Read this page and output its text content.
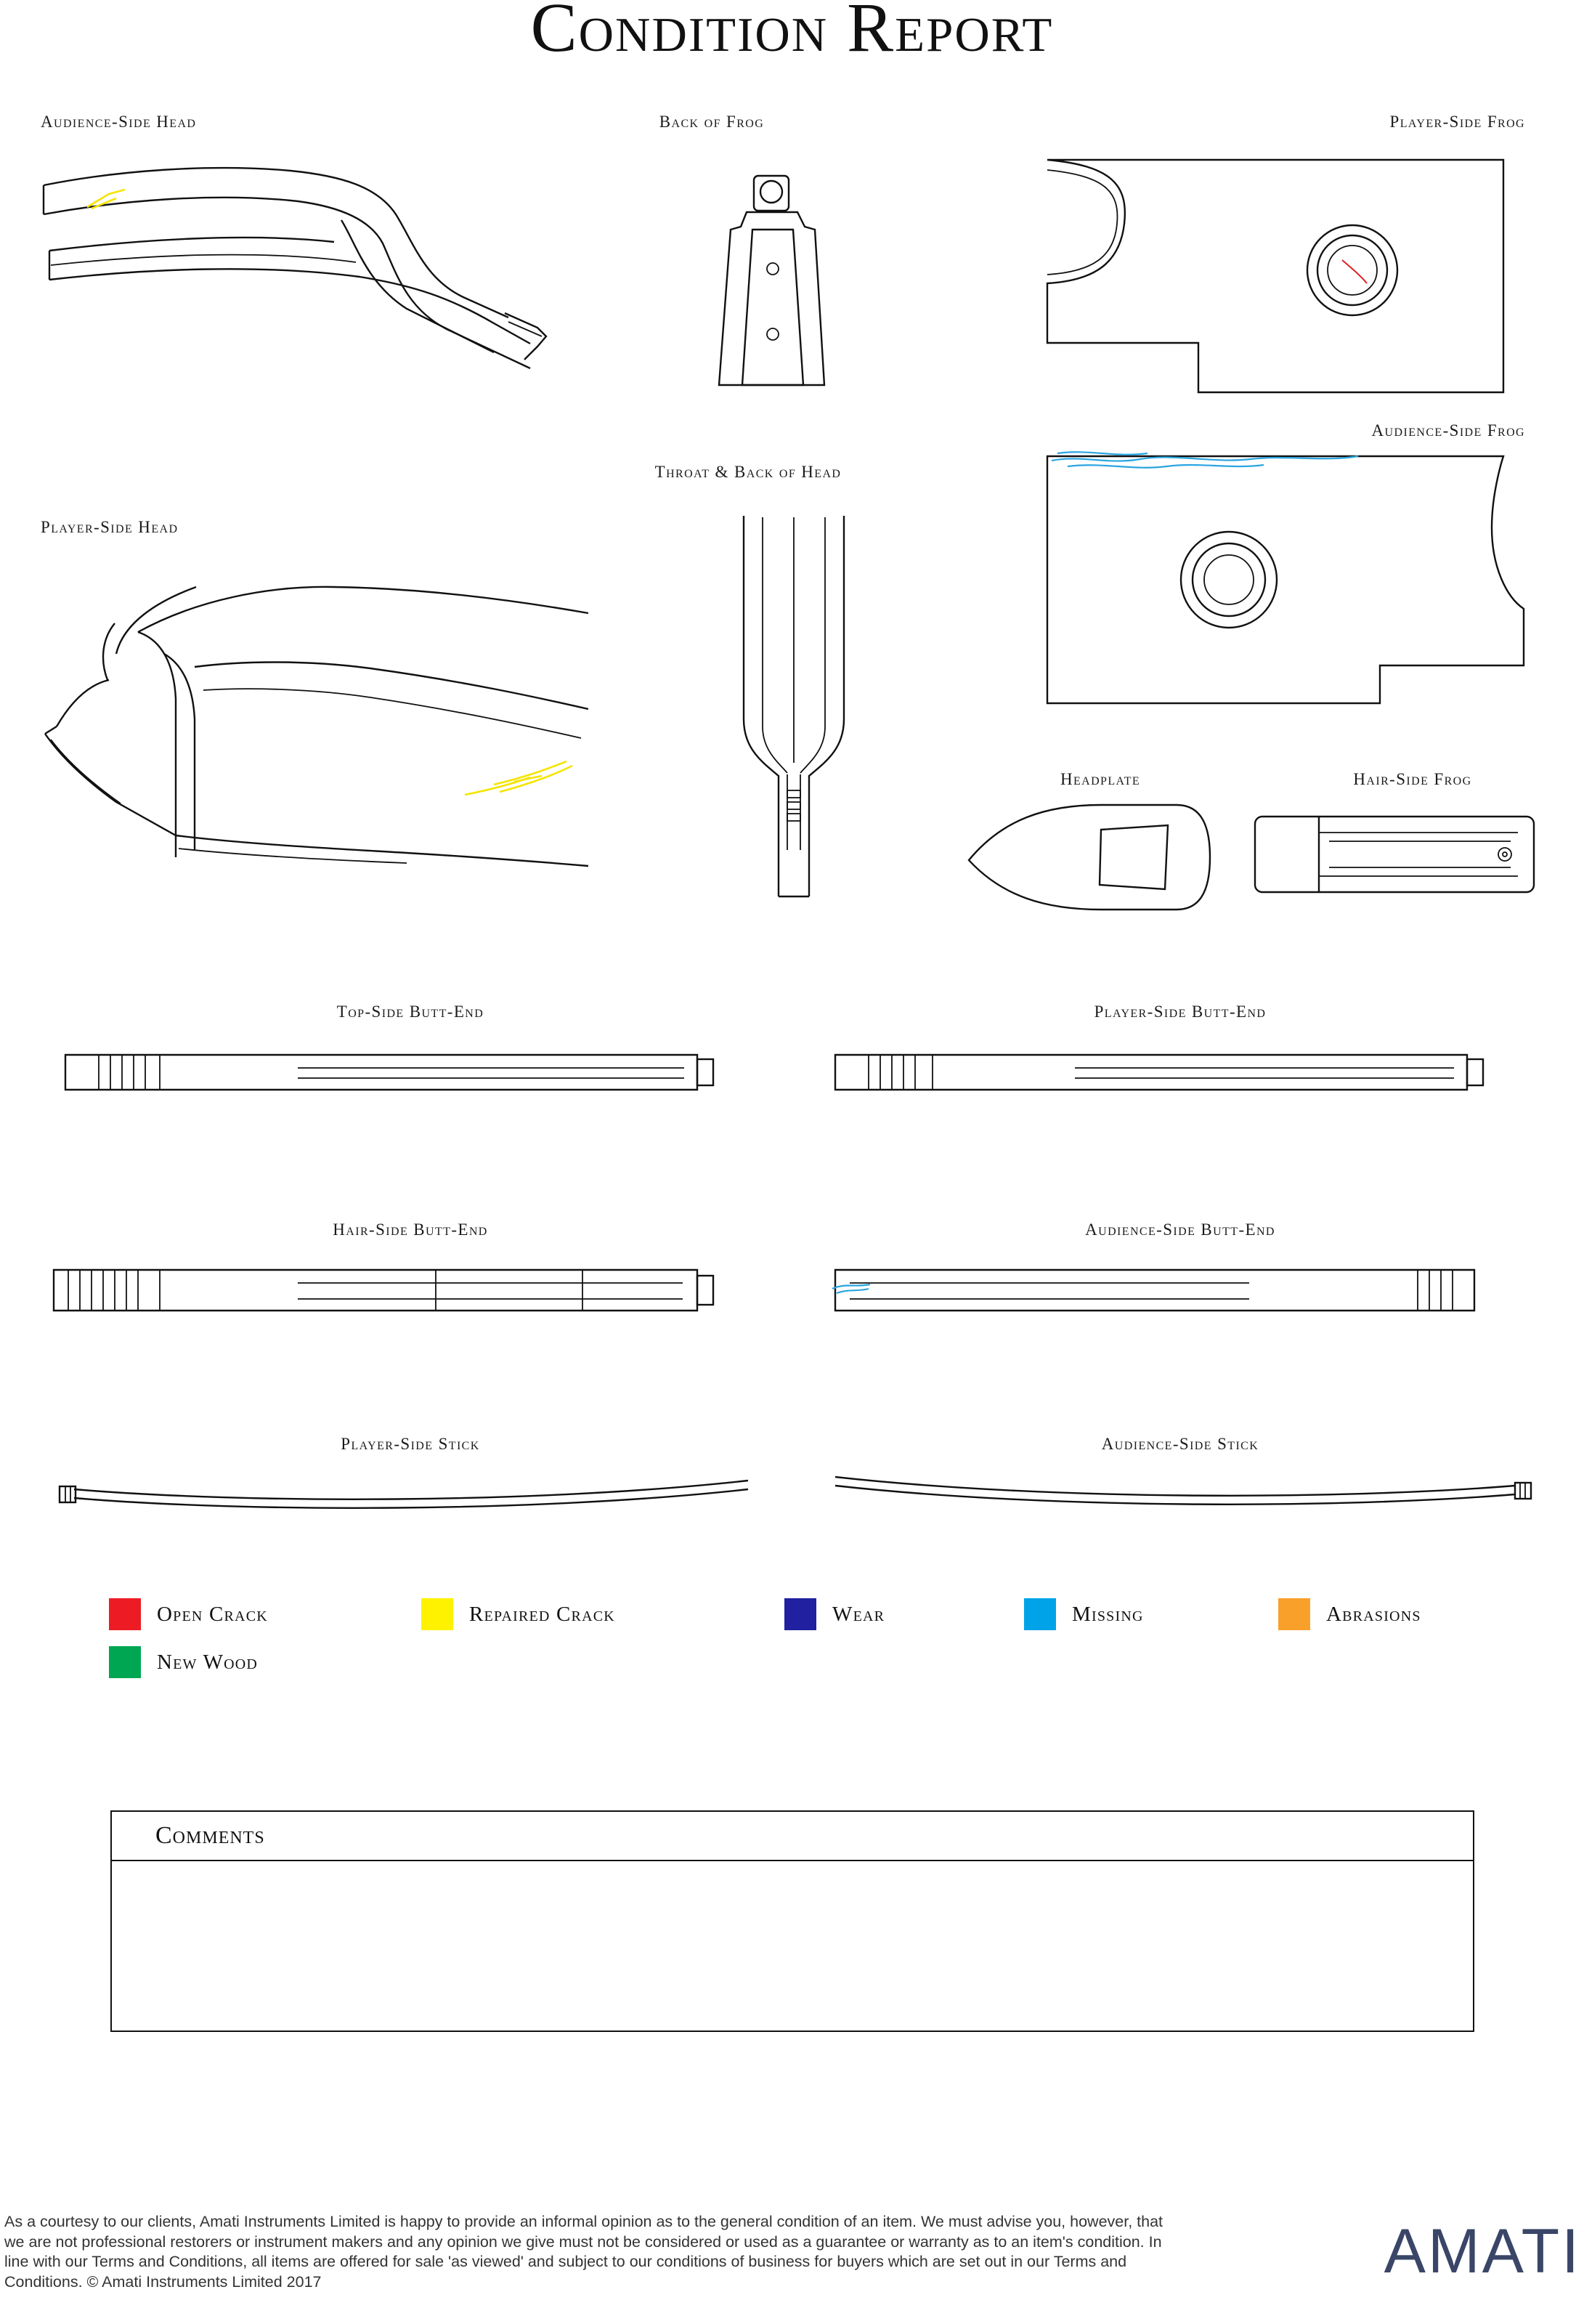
Condition Report
Audience-Side Head	Back of Frog	Player-Side Frog
Audience-Side Frog
Throat & Back of Head
Player-Side Head
Headplate	Hair-Side Frog
Top-Side Butt-End	Player-Side Butt-End
Hair-Side Butt-End	Audience-Side Butt-End
Player-Side Stick	Audience-Side Stick
Open Crack	Repaired Crack	Wear	Missing	Abrasions
New Wood
Comments
As a courtesy to our clients, Amati Instruments Limited is happy to provide an informal opinion as to the general condition of an item. We must advise you, however, that we are not professional restorers or instrument makers and any opinion we give must not be considered or used as a guarantee or warranty as to an item's condition. In line with our Terms and Conditions, all items are offered for sale 'as viewed' and subject to our conditions of business for buyers which are set out in our Terms and Conditions. © Amati Instruments Limited 2017	AMATI
